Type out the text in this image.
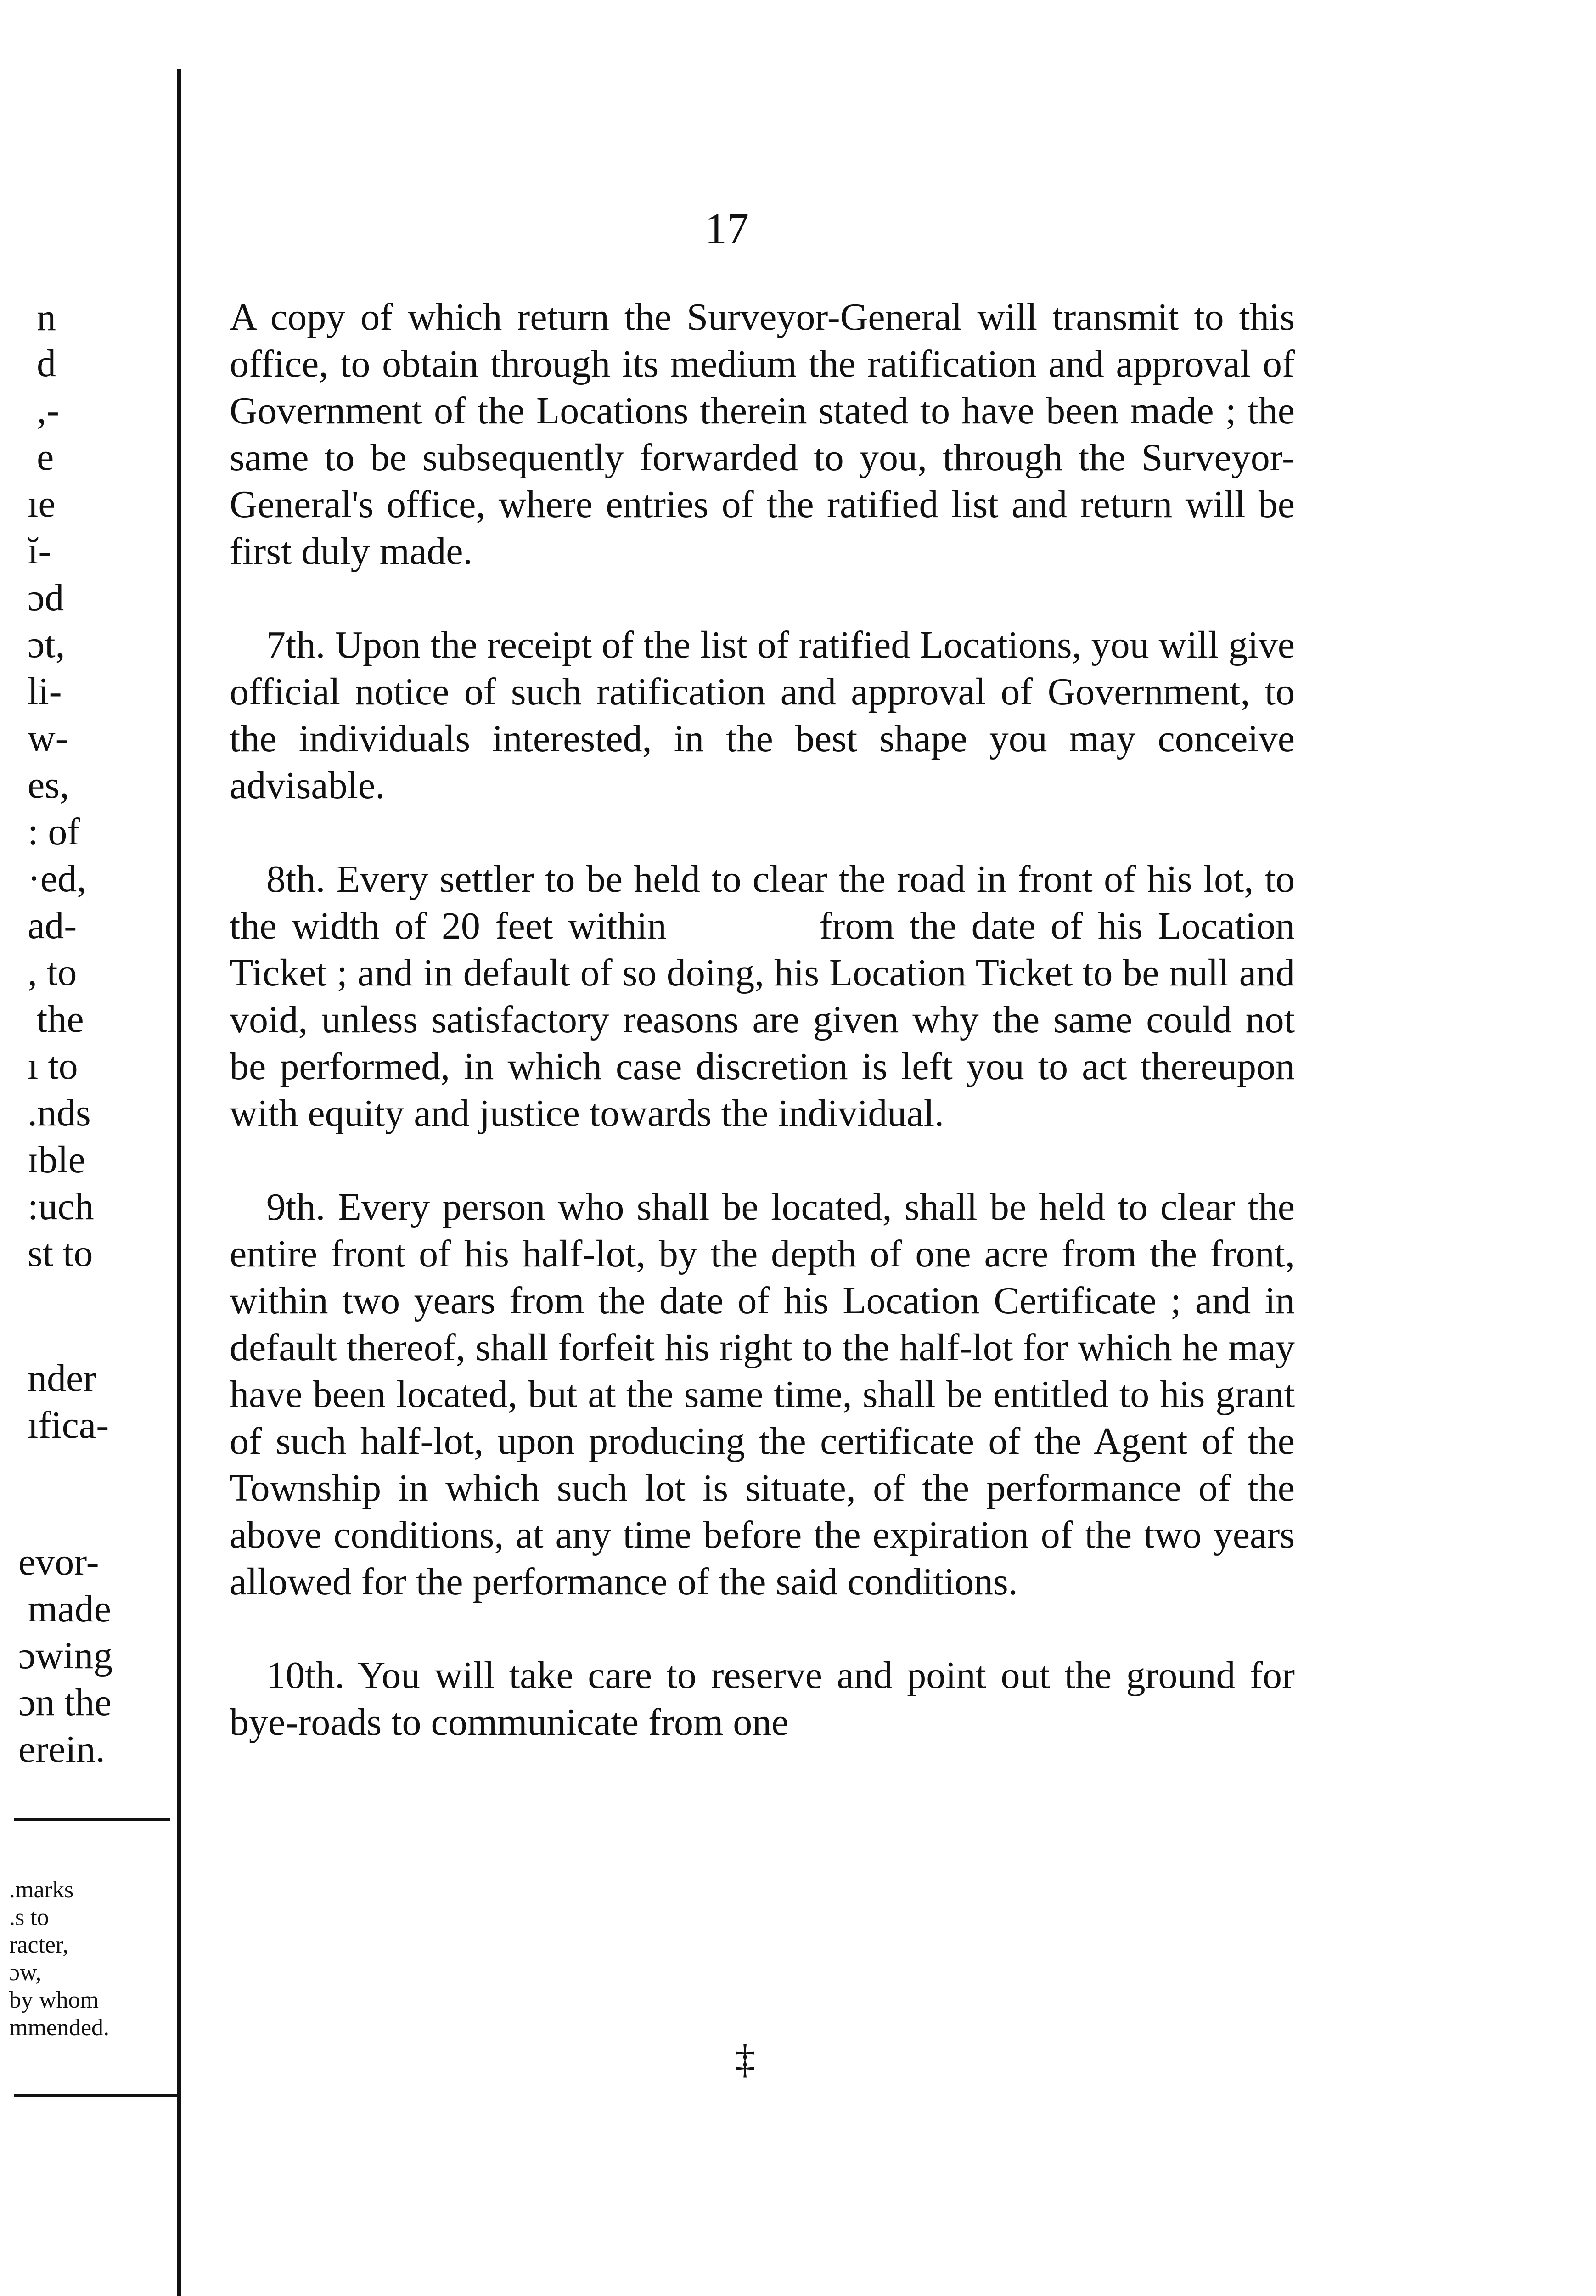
n
d
,-
e
ıe
ĭ-
ɔd
ɔt,
li-
w-
es,
: of
·ed,
ad-
, to
the
ı to
.nds
ɪble
:uch
st to
nder
ıfica-
evor-
made
ɔwing
ɔn the
erein.
.marks
.s to
racter,
ɔw,
by whom
mmended.
17

A copy of which return the Surveyor-General will transmit to this office, to obtain through its medium the ratification and approval of Government of the Locations therein stated to have been made ; the same to be subsequently forwarded to you, through the Surveyor-General's office, where entries of the ratified list and return will be first duly made.

7th. Upon the receipt of the list of ratified Locations, you will give official notice of such ratification and approval of Government, to the individuals interested, in the best shape you may conceive advisable.

8th. Every settler to be held to clear the road in front of his lot, to the width of 20 feet within	from the date of his Location Ticket ; and in default of so doing, his Location Ticket to be null and void, unless satisfactory reasons are given why the same could not be performed, in which case discretion is left you to act thereupon with equity and justice towards the individual.

9th. Every person who shall be located, shall be held to clear the entire front of his half-lot, by the depth of one acre from the front, within two years from the date of his Location Certificate ; and in default thereof, shall forfeit his right to the half-lot for which he may have been located, but at the same time, shall be entitled to his grant of such half-lot, upon producing the certificate of the Agent of the Township in which such lot is situate, of the performance of the above conditions, at any time before the expiration of the two years allowed for the performance of the said conditions.

10th. You will take care to reserve and point out the ground for bye-roads to communicate from one

‡
